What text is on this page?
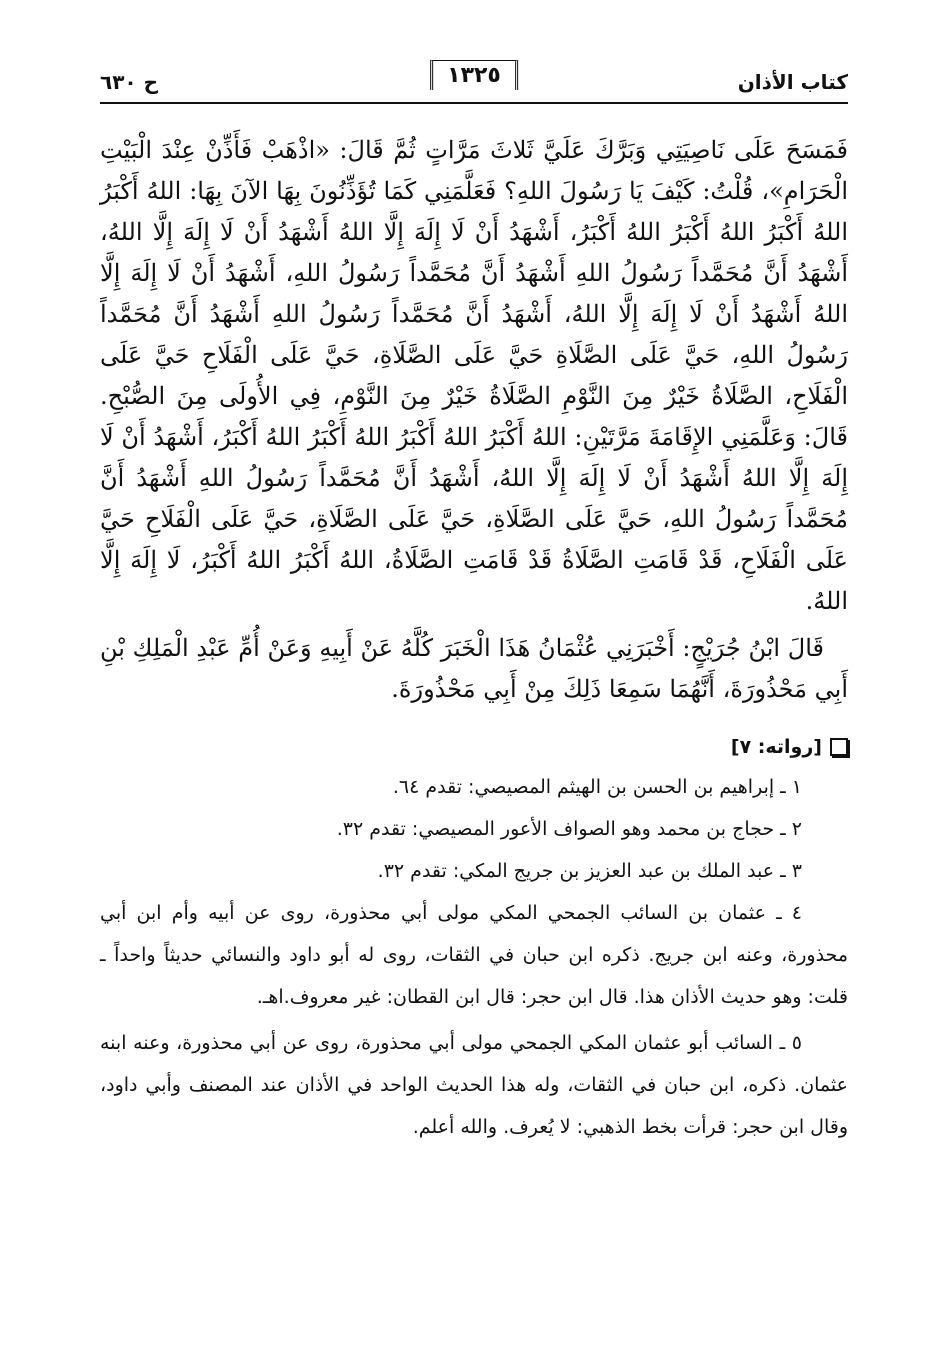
كتاب الأذان
١٣٢٥
ح ٦٣٠

فَمَسَحَ عَلَى نَاصِيَتِي وَبَرَّكَ عَلَيَّ ثَلاثَ مَرَّاتٍ ثُمَّ قَالَ: «اذْهَبْ فَأَذِّنْ عِنْدَ الْبَيْتِ الْحَرَامِ»، قُلْتُ: كَيْفَ يَا رَسُولَ اللهِ؟ فَعَلَّمَنِي كَمَا تُؤَذِّنُونَ بِهَا الآنَ بِهَا: اللهُ أَكْبَرُ اللهُ أَكْبَرُ اللهُ أَكْبَرُ اللهُ أَكْبَرُ، أَشْهَدُ أَنْ لَا إِلَهَ إِلَّا اللهُ أَشْهَدُ أَنْ لَا إِلَهَ إِلَّا اللهُ، أَشْهَدُ أَنَّ مُحَمَّداً رَسُولُ اللهِ أَشْهَدُ أَنَّ مُحَمَّداً رَسُولُ اللهِ، أَشْهَدُ أَنْ لَا إِلَهَ إِلَّا اللهُ أَشْهَدُ أَنْ لَا إِلَهَ إِلَّا اللهُ، أَشْهَدُ أَنَّ مُحَمَّداً رَسُولُ اللهِ أَشْهَدُ أَنَّ مُحَمَّداً رَسُولُ اللهِ، حَيَّ عَلَى الصَّلَاةِ حَيَّ عَلَى الصَّلَاةِ، حَيَّ عَلَى الْفَلَاحِ حَيَّ عَلَى الْفَلَاحِ، الصَّلَاةُ خَيْرٌ مِنَ النَّوْمِ الصَّلَاةُ خَيْرٌ مِنَ النَّوْمِ، فِي الأُولَى مِنَ الصُّبْحِ. قَالَ: وَعَلَّمَنِي الإِقَامَةَ مَرَّتَيْنِ: اللهُ أَكْبَرُ اللهُ أَكْبَرُ اللهُ أَكْبَرُ اللهُ أَكْبَرُ، أَشْهَدُ أَنْ لَا إِلَهَ إِلَّا اللهُ أَشْهَدُ أَنْ لَا إِلَهَ إِلَّا اللهُ، أَشْهَدُ أَنَّ مُحَمَّداً رَسُولُ اللهِ أَشْهَدُ أَنَّ مُحَمَّداً رَسُولُ اللهِ، حَيَّ عَلَى الصَّلَاةِ، حَيَّ عَلَى الصَّلَاةِ، حَيَّ عَلَى الْفَلَاحِ حَيَّ عَلَى الْفَلَاحِ، قَدْ قَامَتِ الصَّلَاةُ قَدْ قَامَتِ الصَّلَاةُ، اللهُ أَكْبَرُ اللهُ أَكْبَرُ، لَا إِلَهَ إِلَّا اللهُ.

قَالَ ابْنُ جُرَيْجٍ: أَخْبَرَنِي عُثْمَانُ هَذَا الْخَبَرَ كُلَّهُ عَنْ أَبِيهِ وَعَنْ أُمِّ عَبْدِ الْمَلِكِ بْنِ أَبِي مَحْذُورَةَ، أَنَّهُمَا سَمِعَا ذَلِكَ مِنْ أَبِي مَحْذُورَةَ.

[رواته: ٧]

١ ـ إبراهيم بن الحسن بن الهيثم المصيصي: تقدم ٦٤.

٢ ـ حجاج بن محمد وهو الصواف الأعور المصيصي: تقدم ٣٢.

٣ ـ عبد الملك بن عبد العزيز بن جريج المكي: تقدم ٣٢.

٤ ـ عثمان بن السائب الجمحي المكي مولى أبي محذورة، روى عن أبيه وأم ابن أبي محذورة، وعنه ابن جريج. ذكره ابن حبان في الثقات، روى له أبو داود والنسائي حديثاً واحداً ـ قلت: وهو حديث الأذان هذا. قال ابن حجر: قال ابن القطان: غير معروف.اهـ.

٥ ـ السائب أبو عثمان المكي الجمحي مولى أبي محذورة، روى عن أبي محذورة، وعنه ابنه عثمان. ذكره، ابن حبان في الثقات، وله هذا الحديث الواحد في الأذان عند المصنف وأبي داود، وقال ابن حجر: قرأت بخط الذهبي: لا يُعرف. والله أعلم.
